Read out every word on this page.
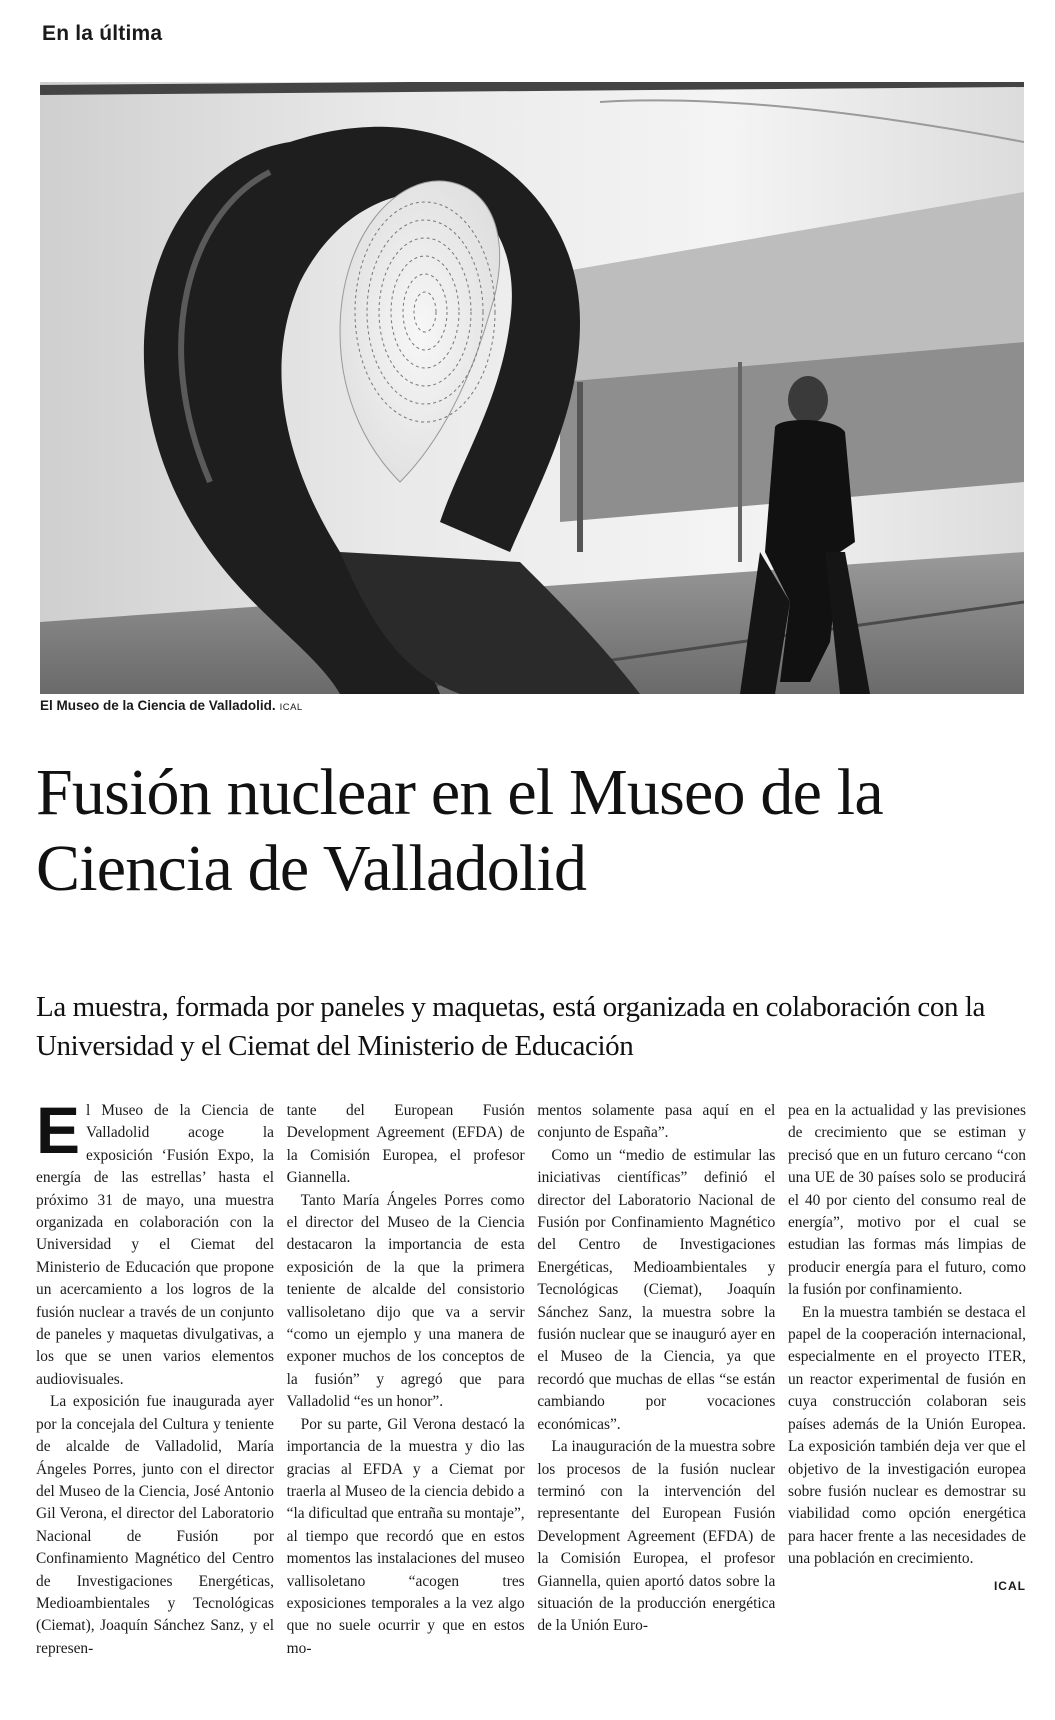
En la última
El Museo de la Ciencia de Valladolid. ICAL
Fusión nuclear en el Museo de la Ciencia de Valladolid
La muestra, formada por paneles y maquetas, está organizada en colaboración con la Universidad y el Ciemat del Ministerio de Educación

El Museo de la Ciencia de Valladolid acoge la exposición ‘Fusión Expo, la energía de las estrellas’ hasta el próximo 31 de mayo, una muestra organizada en colaboración con la Universidad y el Ciemat del Ministerio de Educación que propone un acercamiento a los logros de la fusión nuclear a través de un conjunto de paneles y maquetas divulgativas, a los que se unen varios elementos audiovisuales.

La exposición fue inaugurada ayer por la concejala del Cultura y teniente de alcalde de Valladolid, María Ángeles Porres, junto con el director del Museo de la Ciencia, José Antonio Gil Verona, el director del Laboratorio Nacional de Fusión por Confinamiento Magnético del Centro de Investigaciones Energéticas, Medioambientales y Tecnológicas (Ciemat), Joaquín Sánchez Sanz, y el represen-

tante del European Fusión Development Agreement (EFDA) de la Comisión Europea, el profesor Giannella.

Tanto María Ángeles Porres como el director del Museo de la Ciencia destacaron la importancia de esta exposición de la que la primera teniente de alcalde del consistorio vallisoletano dijo que va a servir “como un ejemplo y una manera de exponer muchos de los conceptos de la fusión” y agregó que para Valladolid “es un honor”.

Por su parte, Gil Verona destacó la importancia de la muestra y dio las gracias al EFDA y a Ciemat por traerla al Museo de la ciencia debido a “la dificultad que entraña su montaje”, al tiempo que recordó que en estos momentos las instalaciones del museo vallisoletano “acogen tres exposiciones temporales a la vez algo que no suele ocurrir y que en estos mo-

mentos solamente pasa aquí en el conjunto de España”.

Como un “medio de estimular las iniciativas científicas” definió el director del Laboratorio Nacional de Fusión por Confinamiento Magnético del Centro de Investigaciones Energéticas, Medioambientales y Tecnológicas (Ciemat), Joaquín Sánchez Sanz, la muestra sobre la fusión nuclear que se inauguró ayer en el Museo de la Ciencia, ya que recordó que muchas de ellas “se están cambiando por vocaciones económicas”.

La inauguración de la muestra sobre los procesos de la fusión nuclear terminó con la intervención del representante del European Fusión Development Agreement (EFDA) de la Comisión Europea, el profesor Giannella, quien aportó datos sobre la situación de la producción energética de la Unión Euro-

pea en la actualidad y las previsiones de crecimiento que se estiman y precisó que en un futuro cercano “con una UE de 30 países solo se producirá el 40 por ciento del consumo real de energía”, motivo por el cual se estudian las formas más limpias de producir energía para el futuro, como la fusión por confinamiento.

En la muestra también se destaca el papel de la cooperación internacional, especialmente en el proyecto ITER, un reactor experimental de fusión en cuya construcción colaboran seis países además de la Unión Europea. La exposición también deja ver que el objetivo de la investigación europea sobre fusión nuclear es demostrar su viabilidad como opción energética para hacer frente a las necesidades de una población en crecimiento.

ICAL
